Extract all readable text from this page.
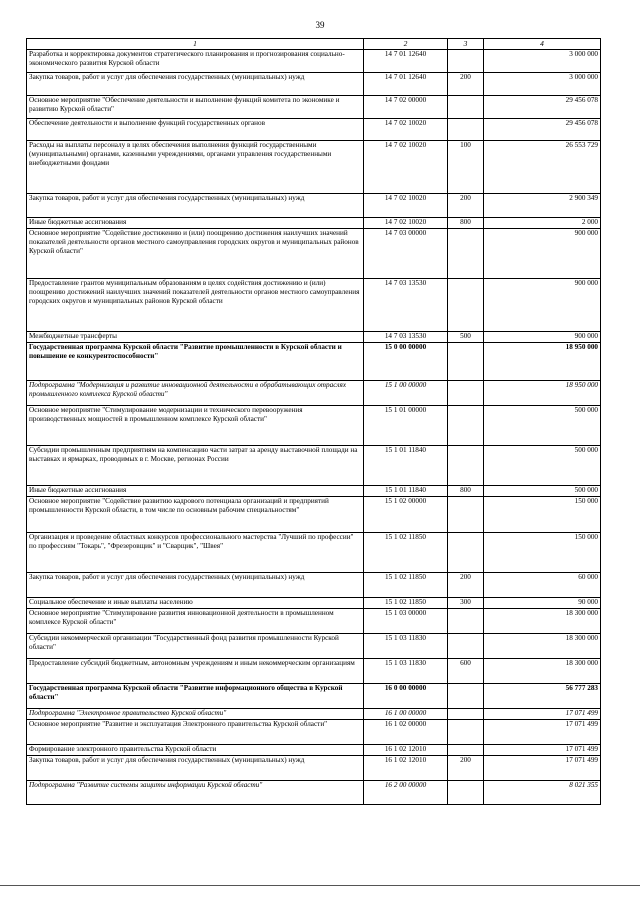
39
1	2	3	4
Разработка и корректировка документов стратегического планирования и прогнозирования социально-экономического развития Курской области	14 7 01 12640		3 000 000
Закупка товаров, работ и услуг для обеспечения государственных (муниципальных) нужд	14 7 01 12640	200	3 000 000
Основное мероприятие "Обеспечение деятельности и выполнение функций комитета по экономике и развитию Курской области"	14 7 02 00000		29 456 078
Обеспечение деятельности и выполнение функций государственных органов	14 7 02 10020		29 456 078
Расходы на выплаты персоналу в целях обеспечения выполнения функций государственными (муниципальными) органами, казенными учреждениями, органами управления государственными внебюджетными фондами	14 7 02 10020	100	26 553 729
Закупка товаров, работ и услуг для обеспечения государственных (муниципальных) нужд	14 7 02 10020	200	2 900 349
Иные бюджетные ассигнования	14 7 02 10020	800	2 000
Основное мероприятие "Содействие достижению и (или) поощрению достижения наилучших значений показателей деятельности органов местного самоуправления городских округов и муниципальных районов Курской области"	14 7 03 00000		900 000
Предоставление грантов муниципальным образованиям в целях содействия достижению и (или) поощрению достижений наилучших значений показателей деятельности органов местного самоуправления городских округов и муниципальных районов Курской области	14 7 03 13530		900 000
Межбюджетные трансферты	14 7 03 13530	500	900 000
Государственная программа Курской области "Развитие промышленности в Курской области и повышение ее конкурентоспособности"	15 0 00 00000		18 950 000
Подпрограмма "Модернизация и развитие инновационной деятельности в обрабатывающих отраслях промышленного комплекса Курской области"	15 1 00 00000		18 950 000
Основное мероприятие "Стимулирование модернизации и технического перевооружения производственных мощностей в промышленном комплексе Курской области"	15 1 01 00000		500 000
Субсидии промышленным предприятиям на компенсацию части затрат за аренду выставочной площади на выставках и ярмарках, проводимых в г. Москве, регионах России	15 1 01 11840		500 000
Иные бюджетные ассигнования	15 1 01 11840	800	500 000
Основное мероприятие "Содействие развитию кадрового потенциала организаций и предприятий промышленности Курской области, в том числе по основным рабочим специальностям"	15 1 02 00000		150 000
Организация и проведение областных конкурсов профессионального мастерства "Лучший по профессии" по профессиям "Токарь", "Фрезеровщик" и "Сварщик", "Швея"	15 1 02 11850		150 000
Закупка товаров, работ и услуг для обеспечения государственных (муниципальных) нужд	15 1 02 11850	200	60 000
Социальное обеспечение и иные выплаты населению	15 1 02 11850	300	90 000
Основное мероприятие "Стимулирование развития инновационной деятельности в промышленном комплексе Курской области"	15 1 03 00000		18 300 000
Субсидии некоммерческой организации "Государственный фонд развития промышленности Курской области"	15 1 03 11830		18 300 000
Предоставление субсидий бюджетным, автономным учреждениям и иным некоммерческим организациям	15 1 03 11830	600	18 300 000
Государственная программа Курской области "Развитие информационного общества в Курской области"	16 0 00 00000		56 777 283
Подпрограмма "Электронное правительство Курской области"	16 1 00 00000		17 071 499
Основное мероприятие "Развитие и эксплуатация Электронного правительства Курской области"	16 1 02 00000		17 071 499
Формирование электронного правительства Курской области	16 1 02 12010		17 071 499
Закупка товаров, работ и услуг для обеспечения государственных (муниципальных) нужд	16 1 02 12010	200	17 071 499
Подпрограмма "Развитие системы защиты информации Курской области"	16 2 00 00000		8 021 355
